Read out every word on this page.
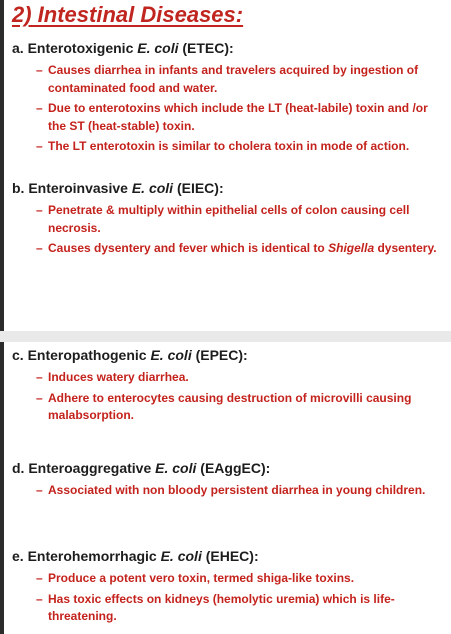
2) Intestinal Diseases:

a. Enterotoxigenic E. coli (ETEC):

– Causes diarrhea in infants and travelers acquired by ingestion of contaminated food and water.
– Due to enterotoxins which include the LT (heat-labile) toxin and /or the ST (heat-stable) toxin.
– The LT enterotoxin is similar to cholera toxin in mode of action.

b. Enteroinvasive E. coli (EIEC):

– Penetrate & multiply within epithelial cells of colon causing cell necrosis.
– Causes dysentery and fever which is identical to Shigella dysentery.

c. Enteropathogenic E. coli (EPEC):

– Induces watery diarrhea.
– Adhere to enterocytes causing destruction of microvilli causing malabsorption.

d. Enteroaggregative E. coli (EAggEC):

– Associated with non bloody persistent diarrhea in young children.

e. Enterohemorrhagic E. coli (EHEC):

– Produce a potent vero toxin, termed shiga-like toxins.
– Has toxic effects on kidneys (hemolytic uremia) which is life-threatening.
